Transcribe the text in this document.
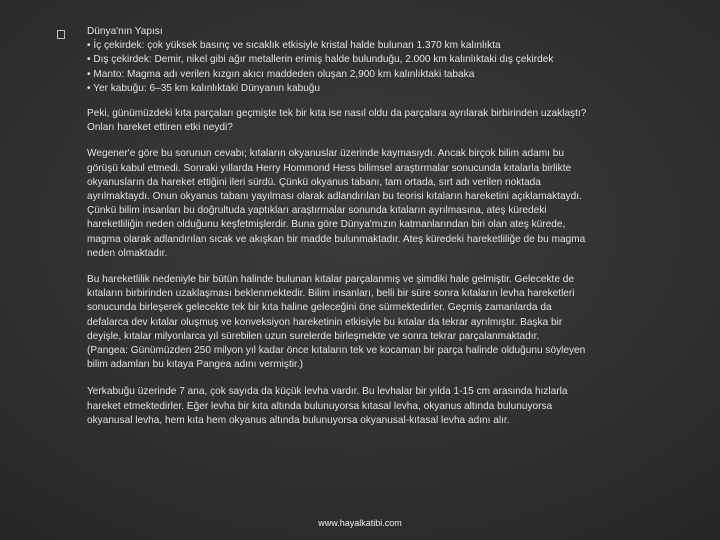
Dünya'nın Yapısı
• İç çekirdek: çok yüksek basınç ve sıcaklık etkisiyle kristal halde bulunan 1.370 km kalınlıkta
• Dış çekirdek: Demir, nikel gibi ağır metallerin erimiş halde bulunduğu, 2.000 km kalınlıktaki dış çekirdek
• Manto: Magma adı verilen kızgın akıcı maddeden oluşan 2,900 km kalınlıktaki tabaka
• Yer kabuğu: 6–35 km kalınlıktaki Dünyanın kabuğu

Peki, günümüzdeki kıta parçaları geçmişte tek bir kıta ise nasıl oldu da parçalara ayrılarak birbirinden uzaklaştı?
Onları hareket ettiren etki neydi?

Wegener'e göre bu sorunun cevabı; kıtaların okyanuslar üzerinde kaymasıydı. Ancak birçok bilim adamı bu
görüşü kabul etmedi. Sonraki yıllarda Herry Hommond Hess bilimsel araştırmalar sonucunda kıtalarla birlikte
okyanusların da hareket ettiğini ileri sürdü. Çünkü okyanus tabanı, tam ortada, sırt adı verilen noktada
ayrılmaktaydı. Onun okyanus tabanı yayılması olarak adlandırılan bu teorisi kıtaların hareketini açıklamaktaydı.
Çünkü bilim insanları bu doğrultuda yaptıkları araştırmalar sonunda kıtaların ayrılmasına, ateş küredeki
hareketliliğin neden olduğunu keşfetmişlerdir. Buna göre Dünya'mızın katmanlarından biri olan ateş kürede,
magma olarak adlandırılan sıcak ve akışkan bir madde bulunmaktadır. Ateş küredeki hareketliliğe de bu magma
neden olmaktadır.

Bu hareketlilik nedeniyle bir bütün halinde bulunan kıtalar parçalanmış ve şimdiki hale gelmiştir. Gelecekte de
kıtaların birbirinden uzaklaşması beklenmektedir. Bilim insanları, belli bir süre sonra kıtaların levha hareketleri
sonucunda birleşerek gelecekte tek bir kıta haline geleceğini öne sürmektedirler. Geçmiş zamanlarda da
defalarca dev kıtalar oluşmuş ve konveksiyon hareketinin etkisiyle bu kıtalar da tekrar ayrılmıştır. Başka bir
deyişle, kıtalar milyonlarca yıl sürebilen uzun surelerde birleşmekte ve sonra tekrar parçalanmaktadır.
(Pangea: Günümüzden 250 milyon yıl kadar önce kıtaların tek ve kocaman bir parça halinde olduğunu söyleyen
bilim adamları bu kıtaya Pangea adını vermiştir.)

Yerkabuğu üzerinde 7 ana, çok sayıda da küçük levha vardır. Bu levhalar bir yılda 1-15 cm arasında hızlarla
hareket etmektedirler. Eğer levha bir kıta altında bulunuyorsa kıtasal levha, okyanus altında bulunuyorsa
okyanusal levha, hem kıta hem okyanus altında bulunuyorsa okyanusal-kıtasal levha adını alır.

www.hayalkatibi.com
